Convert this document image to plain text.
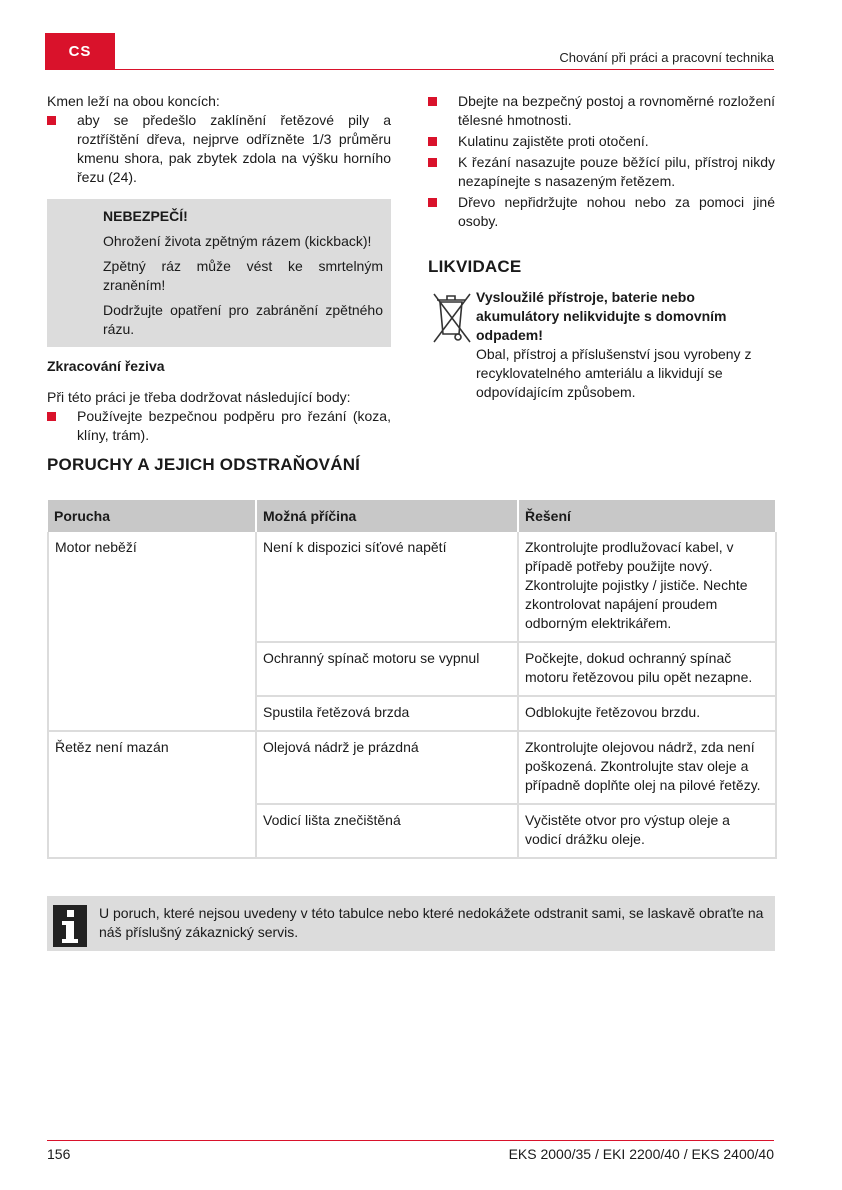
CS	Chování při práci a pracovní technika

Kmen leží na obou koncích:

aby se předešlo zaklínění řetězové pily a roztříštění dřeva, nejprve odřízněte 1/3 průměru kmenu shora, pak zbytek zdola na výšku horního řezu (24).
NEBEZPEČÍ!

Ohrožení života zpětným rázem (kickback)!

Zpětný ráz může vést ke smrtelným zraněním!

Dodržujte opatření pro zabránění zpětného rázu.

Zkracování řeziva

Při této práci je třeba dodržovat následující body:

Používejte bezpečnou podpěru pro řezání (koza, klíny, trám).
Dbejte na bezpečný postoj a rovnoměrné rozložení tělesné hmotnosti.
Kulatinu zajistěte proti otočení.
K řezání nasazujte pouze běžící pilu, přístroj nikdy nezapínejte s nasazeným řetězem.
Dřevo nepřidržujte nohou nebo za pomoci jiné osoby.
LIKVIDACE
Vysloužilé přístroje, baterie nebo akumulátory nelikvidujte s domovním odpadem!
Obal, přístroj a příslušenství jsou vyrobeny z recyklovatelného amteriálu a likvidují se odpovídajícím způsobem.
PORUCHY A JEJICH ODSTRAŇOVÁNÍ
Porucha	Možná příčina	Řešení
Motor neběží	Není k dispozici síťové napětí	Zkontrolujte prodlužovací kabel, v případě potřeby použijte nový. Zkontrolujte pojistky / jističe. Nechte zkontrolovat napájení proudem odborným elektrikářem.
	Ochranný spínač motoru se vypnul	Počkejte, dokud ochranný spínač motoru řetězovou pilu opět nezapne.
	Spustila řetězová brzda	Odblokujte řetězovou brzdu.
Řetěz není mazán	Olejová nádrž je prázdná	Zkontrolujte olejovou nádrž, zda není poškozená. Zkontrolujte stav oleje a případně doplňte olej na pilové řetězy.
	Vodicí lišta znečištěná	Vyčistěte otvor pro výstup oleje a vodicí drážku oleje.
U poruch, které nejsou uvedeny v této tabulce nebo které nedokážete odstranit sami, se laskavě obraťte na náš příslušný zákaznický servis.
156	EKS 2000/35 / EKI 2200/40 / EKS 2400/40
